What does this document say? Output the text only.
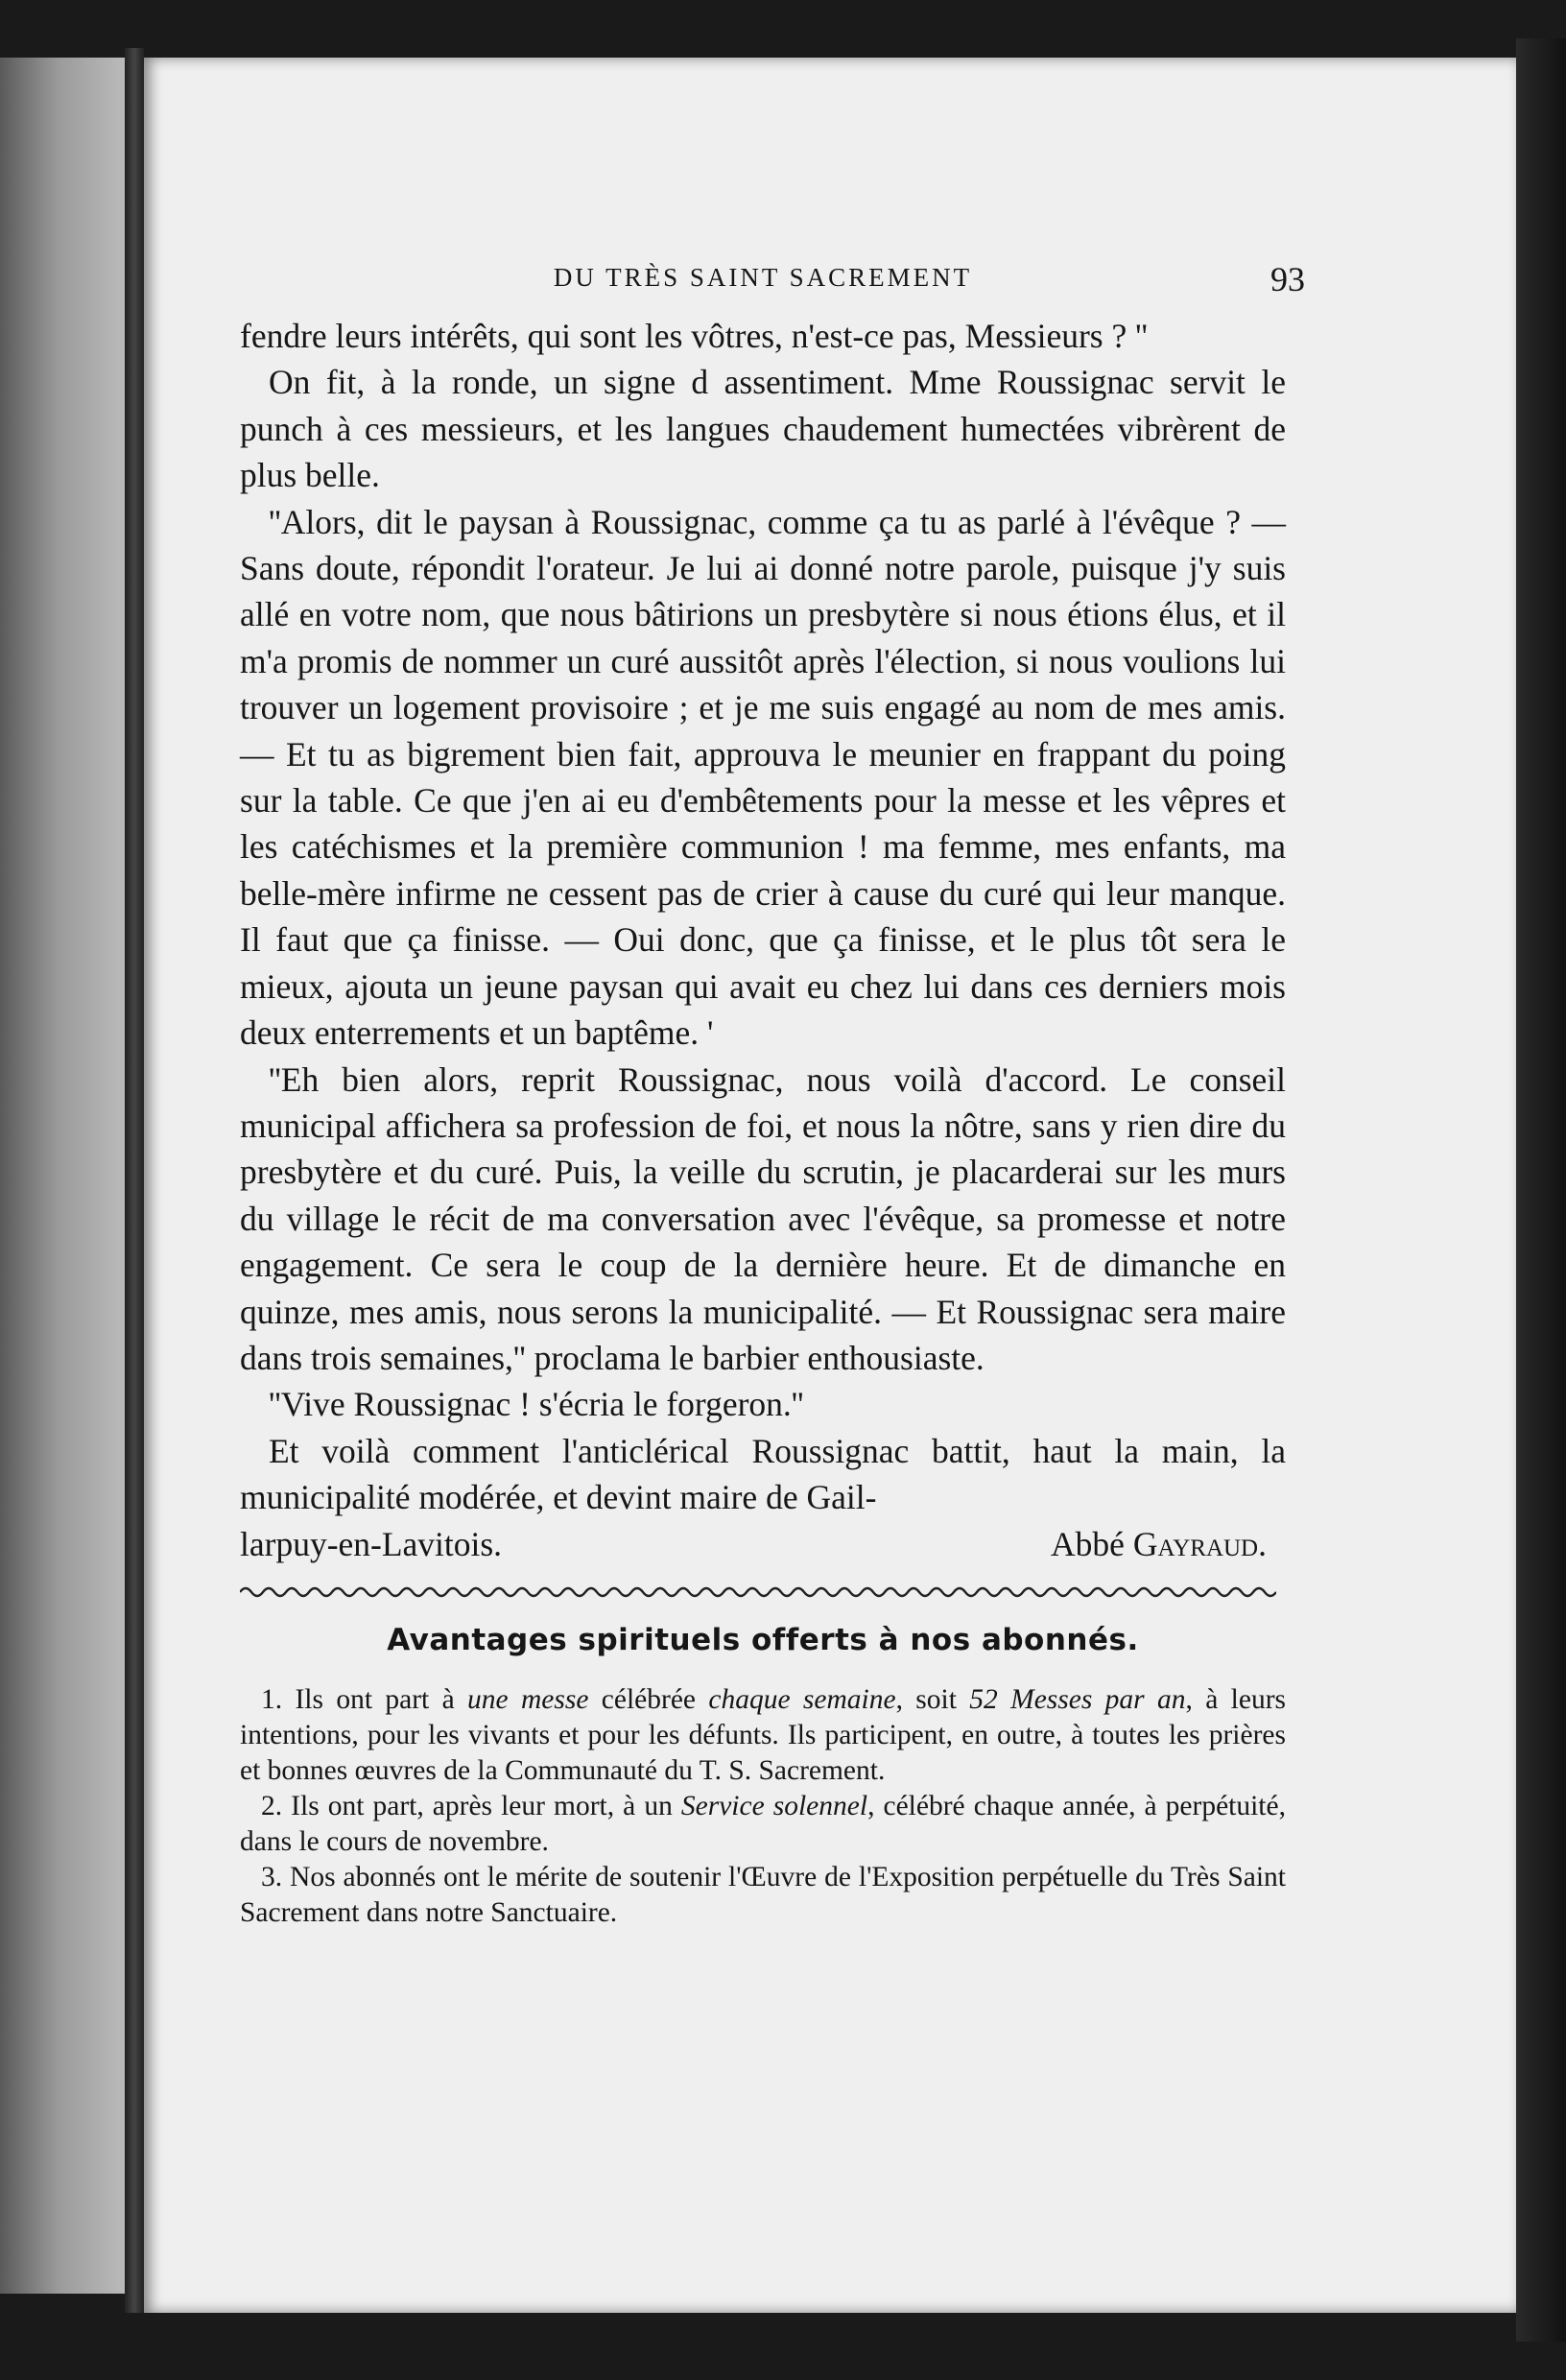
DU TRÈS SAINT SACREMENT	93

fendre leurs intérêts, qui sont les vôtres, n'est-ce pas, Messieurs ? ''

On fit, à la ronde, un signe d assentiment. Mme Roussignac servit le punch à ces messieurs, et les langues chaudement humectées vibrèrent de plus belle.

''Alors, dit le paysan à Roussignac, comme ça tu as parlé à l'évêque ? — Sans doute, répondit l'orateur. Je lui ai donné notre parole, puisque j'y suis allé en votre nom, que nous bâtirions un presbytère si nous étions élus, et il m'a promis de nommer un curé aussitôt après l'élection, si nous voulions lui trouver un logement provisoire ; et je me suis engagé au nom de mes amis. — Et tu as bigrement bien fait, approuva le meunier en frappant du poing sur la table. Ce que j'en ai eu d'embêtements pour la messe et les vêpres et les catéchismes et la première communion ! ma femme, mes enfants, ma belle-mère infirme ne cessent pas de crier à cause du curé qui leur manque. Il faut que ça finisse. — Oui donc, que ça finisse, et le plus tôt sera le mieux, ajouta un jeune paysan qui avait eu chez lui dans ces derniers mois deux enterrements et un baptême. '

''Eh bien alors, reprit Roussignac, nous voilà d'accord. Le conseil municipal affichera sa profession de foi, et nous la nôtre, sans y rien dire du presbytère et du curé. Puis, la veille du scrutin, je placarderai sur les murs du village le récit de ma conversation avec l'évêque, sa promesse et notre engagement. Ce sera le coup de la dernière heure. Et de dimanche en quinze, mes amis, nous serons la municipalité. — Et Roussignac sera maire dans trois semaines,'' proclama le barbier enthousiaste.

''Vive Roussignac ! s'écria le forgeron.''

Et voilà comment l'anticlérical Roussignac battit, haut la main, la municipalité modérée, et devint maire de Gail-

larpuy-en-Lavitois.	Abbé Gayraud.
Avantages spirituels offerts à nos abonnés.

1. Ils ont part à une messe célébrée chaque semaine, soit 52 Messes par an, à leurs intentions, pour les vivants et pour les défunts. Ils participent, en outre, à toutes les prières et bonnes œuvres de la Communauté du T. S. Sacrement.

2. Ils ont part, après leur mort, à un Service solennel, célébré chaque année, à perpétuité, dans le cours de novembre.

3. Nos abonnés ont le mérite de soutenir l'Œuvre de l'Exposition perpétuelle du Très Saint Sacrement dans notre Sanctuaire.
